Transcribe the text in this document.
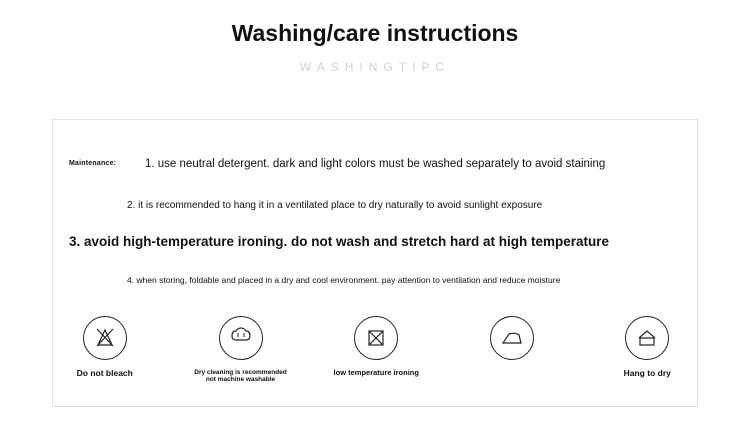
Washing/care instructions
WASHINGTIPC
Maintenance:	1. use neutral detergent. dark and light colors must be washed separately to avoid staining
2. it is recommended to hang it in a ventilated place to dry naturally to avoid sunlight exposure
3. avoid high-temperature ironing. do not wash and stretch hard at high temperature
4. when storing, foldable and placed in a dry and cool environment. pay attention to ventilation and reduce moisture
Do not bleach	Dry cleaning is recommended not machine washable
low temperature ironing	Hang to dry
